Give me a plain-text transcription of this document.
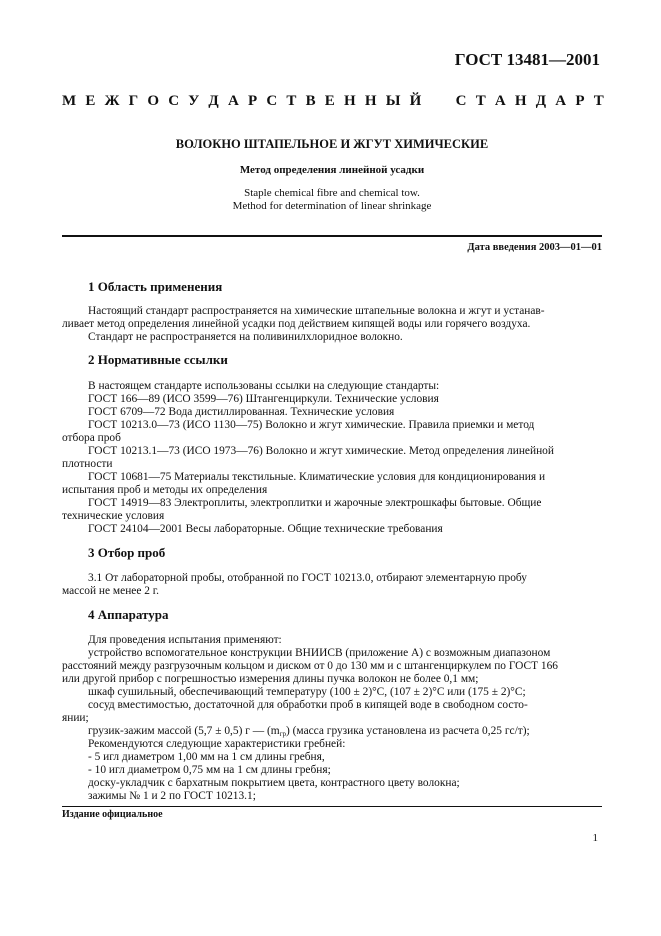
ГОСТ 13481—2001
М Е Ж Г О С У Д А Р С Т В Е Н Н Ы Й С Т А Н Д А Р Т
ВОЛОКНО ШТАПЕЛЬНОЕ И ЖГУТ ХИМИЧЕСКИЕ
Метод определения линейной усадки
Staple chemical fibre and chemical tow.
Method for determination of linear shrinkage
Дата введения 2003—01—01
1 Область применения
Настоящий стандарт распространяется на химические штапельные волокна и жгут и устанав-
ливает метод определения линейной усадки под действием кипящей воды или горячего воздуха.
Стандарт не распространяется на поливинилхлоридное волокно.
2 Нормативные ссылки
В настоящем стандарте использованы ссылки на следующие стандарты:
ГОСТ 166—89 (ИСО 3599—76) Штангенциркули. Технические условия
ГОСТ 6709—72 Вода дистиллированная. Технические условия
ГОСТ 10213.0—73 (ИСО 1130—75) Волокно и жгут химические. Правила приемки и метод
отбора проб
ГОСТ 10213.1—73 (ИСО 1973—76) Волокно и жгут химические. Метод определения линейной
плотности
ГОСТ 10681—75 Материалы текстильные. Климатические условия для кондиционирования и
испытания проб и методы их определения
ГОСТ 14919—83 Электроплиты, электроплитки и жарочные электрошкафы бытовые. Общие
технические условия
ГОСТ 24104—2001 Весы лабораторные. Общие технические требования
3 Отбор проб
3.1 От лабораторной пробы, отобранной по ГОСТ 10213.0, отбирают элементарную пробу
массой не менее 2 г.
4 Аппаратура
Для проведения испытания применяют:
устройство вспомогательное конструкции ВНИИСВ (приложение А) с возможным диапазоном
расстояний между разгрузочным кольцом и диском от 0 до 130 мм и с штангенциркулем по ГОСТ 166
или другой прибор с погрешностью измерения длины пучка волокон не более 0,1 мм;
шкаф сушильный, обеспечивающий температуру (100 ± 2)°С, (107 ± 2)°С или (175 ± 2)°С;
сосуд вместимостью, достаточной для обработки проб в кипящей воде в свободном состо-
янии;
грузик-зажим массой (5,7 ± 0,5) г — $(m_{гр})$ (масса грузика установлена из расчета 0,25 гс/т);
Рекомендуются следующие характеристики гребней:
- 5 игл диаметром 1,00 мм на 1 см длины гребня,
- 10 игл диаметром 0,75 мм на 1 см длины гребня;
доску-укладчик с бархатным покрытием цвета, контрастного цвету волокна;
зажимы № 1 и 2 по ГОСТ 10213.1;
Издание официальное
1
